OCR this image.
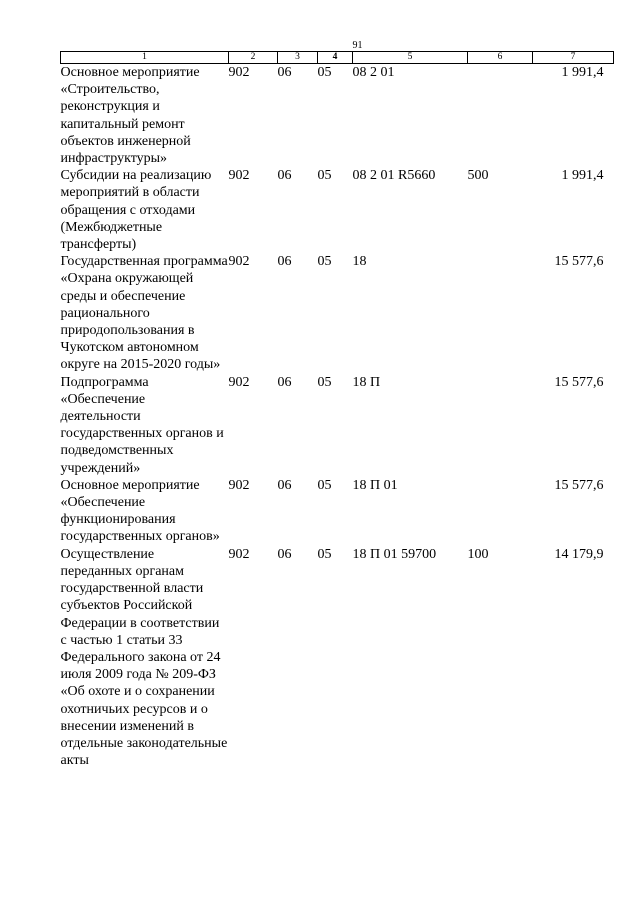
91
1	2	3	4	5	6	7
Основное мероприятие «Строительство, реконструкция и капитальный ремонт объектов инженерной инфраструктуры»	902	06	05	08 2 01		1 991,4
Субсидии на реализацию мероприятий в области обращения с отходами (Межбюджетные трансферты)	902	06	05	08 2 01 R5660	500	1 991,4
Государственная программа «Охрана окружающей среды и обеспечение рационального природопользования в Чукотском автономном округе на 2015-2020 годы»	902	06	05	18		15 577,6
Подпрограмма «Обеспечение деятельности государственных органов и подведомственных учреждений»	902	06	05	18 П		15 577,6
Основное мероприятие «Обеспечение функционирования государственных органов»	902	06	05	18 П 01		15 577,6
Осуществление переданных органам государственной власти субъектов Российской Федерации в соответствии с частью 1 статьи 33 Федерального закона от 24 июля 2009 года № 209-ФЗ «Об охоте и о сохранении охотничьих ресурсов и о внесении изменений в отдельные законодательные акты	902	06	05	18 П 01 59700	100	14 179,9
